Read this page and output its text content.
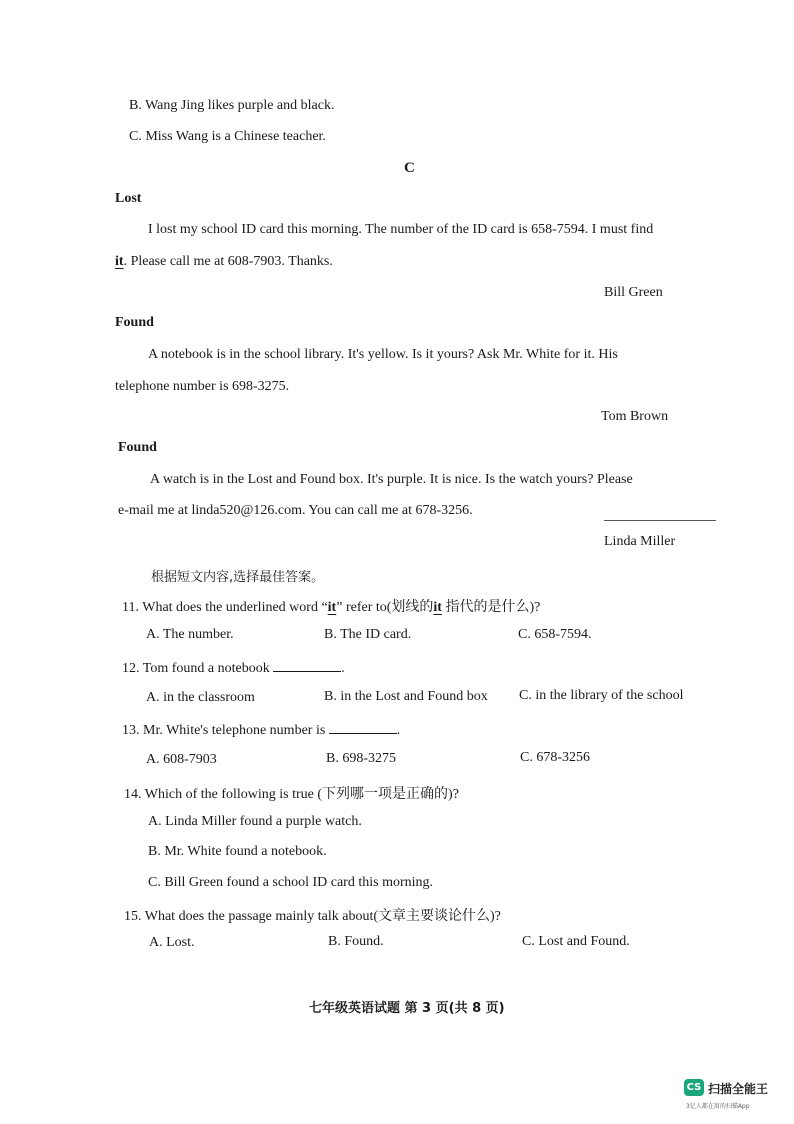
B. Wang Jing likes purple and black.
C. Miss Wang is a Chinese teacher.
C
Lost
I lost my school ID card this morning. The number of the ID card is 658-7594. I must find
it. Please call me at 608-7903. Thanks.
Bill Green
Found
A notebook is in the school library. It's yellow. Is it yours? Ask Mr. White for it. His
telephone number is 698-3275.
Tom Brown
Found
A watch is in the Lost and Found box. It's purple. It is nice. Is the watch yours? Please
e-mail me at linda520@126.com. You can call me at 678-3256.
Linda Miller
根据短文内容,选择最佳答案。
11. What does the underlined word “it” refer to(划线的it 指代的是什么)?
A. The number.	B. The ID card.	C. 658-7594.
12. Tom found a notebook	.
A. in the classroom	B. in the Lost and Found box C. in the library of the school
13. Mr. White's telephone number is	.
A. 608-7903	B. 698-3275	C. 678-3256
14. Which of the following is true (下列哪一项是正确的)?
A. Linda Miller found a purple watch.
B. Mr. White found a notebook.
C. Bill Green found a school ID card this morning.
15. What does the passage mainly talk about(文章主要谈论什么)?
A. Lost.	B. Found.	C. Lost and Found.
七年级英语试题 第 3 页(共 8 页)
CS 扫描全能王
3亿人都在用的扫描App
